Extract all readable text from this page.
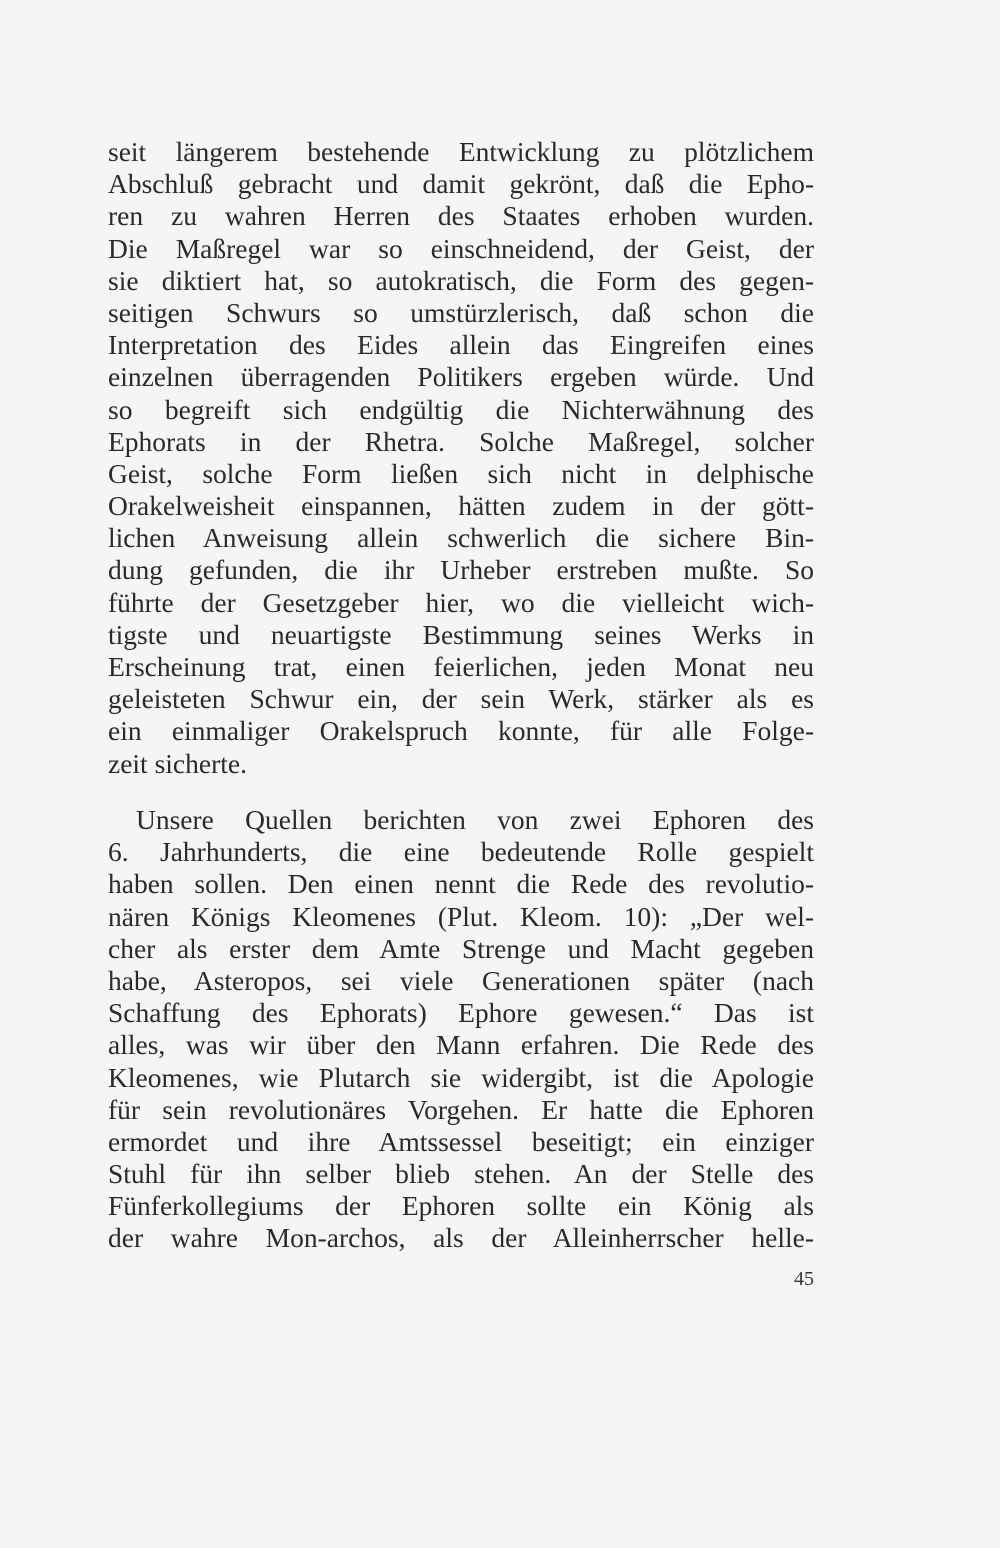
seit längerem bestehende Entwicklung zu plötzlichem
Abschluß gebracht und damit gekrönt, daß die Epho-
ren zu wahren Herren des Staates erhoben wurden.
Die Maßregel war so einschneidend, der Geist, der
sie diktiert hat, so autokratisch, die Form des gegen-
seitigen Schwurs so umstürzlerisch, daß schon die
Interpretation des Eides allein das Eingreifen eines
einzelnen überragenden Politikers ergeben würde. Und
so begreift sich endgültig die Nichterwähnung des
Ephorats in der Rhetra. Solche Maßregel, solcher
Geist, solche Form ließen sich nicht in delphische
Orakelweisheit einspannen, hätten zudem in der gött-
lichen Anweisung allein schwerlich die sichere Bin-
dung gefunden, die ihr Urheber erstreben mußte. So
führte der Gesetzgeber hier, wo die vielleicht wich-
tigste und neuartigste Bestimmung seines Werks in
Erscheinung trat, einen feierlichen, jeden Monat neu
geleisteten Schwur ein, der sein Werk, stärker als es
ein einmaliger Orakelspruch konnte, für alle Folge-
zeit sicherte.
Unsere Quellen berichten von zwei Ephoren des
6. Jahrhunderts, die eine bedeutende Rolle gespielt
haben sollen. Den einen nennt die Rede des revolutio-
nären Königs Kleomenes (Plut. Kleom. 10): „Der wel-
cher als erster dem Amte Strenge und Macht gegeben
habe, Asteropos, sei viele Generationen später (nach
Schaffung des Ephorats) Ephore gewesen.“ Das ist
alles, was wir über den Mann erfahren. Die Rede des
Kleomenes, wie Plutarch sie widergibt, ist die Apologie
für sein revolutionäres Vorgehen. Er hatte die Ephoren
ermordet und ihre Amtssessel beseitigt; ein einziger
Stuhl für ihn selber blieb stehen. An der Stelle des
Fünferkollegiums der Ephoren sollte ein König als
der wahre Mon-archos, als der Alleinherrscher helle-
45
